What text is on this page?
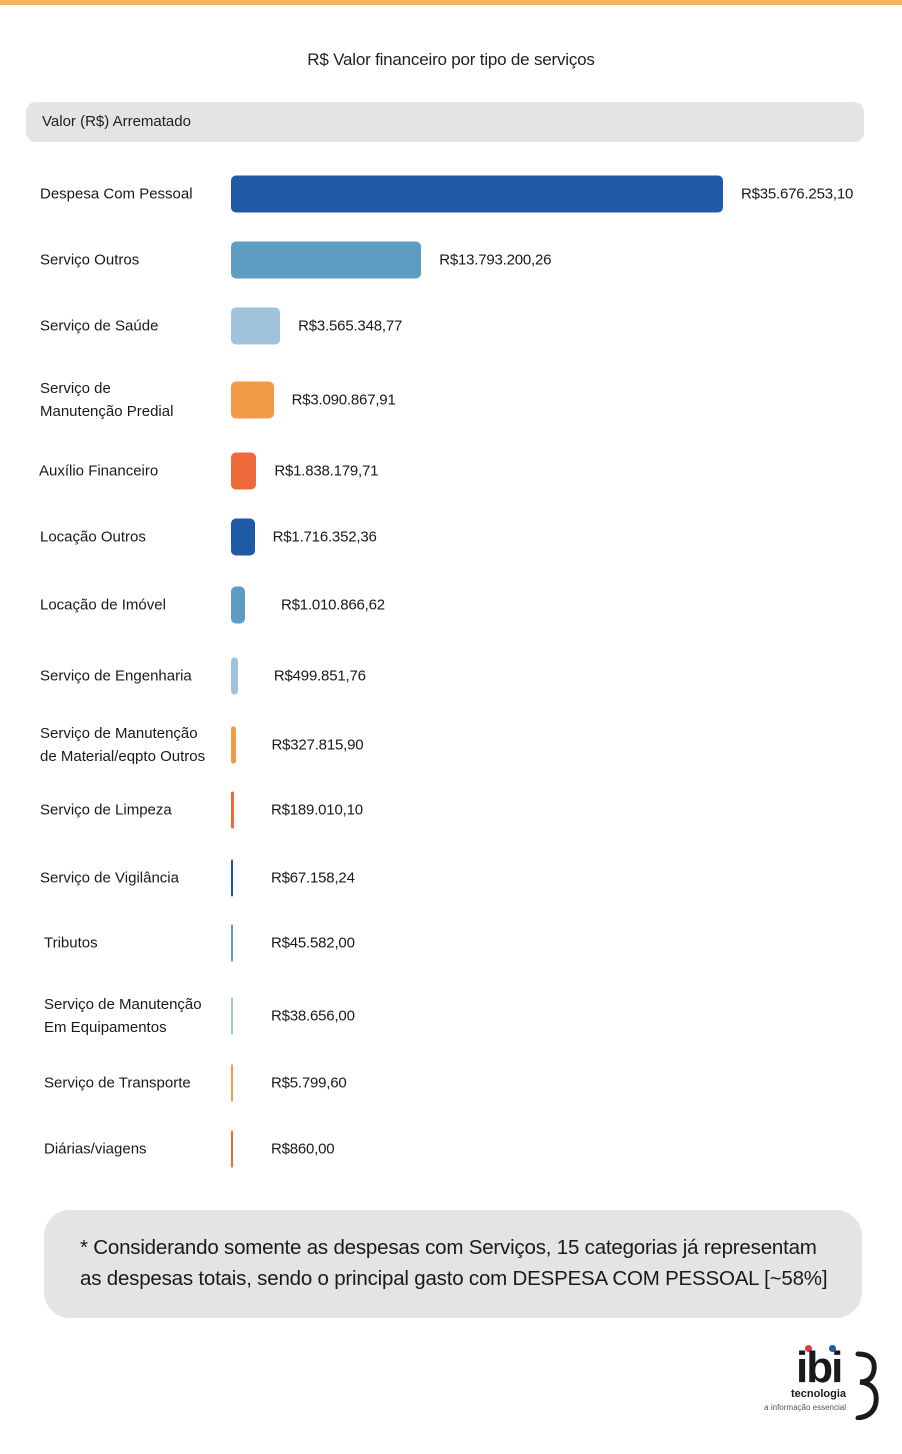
R$ Valor financeiro por tipo de serviços
Valor (R$) Arrematado
Despesa Com Pessoal	R$35.676.253,10
Serviço Outros	R$13.793.200,26
Serviço de Saúde	R$3.565.348,77
Serviço de
Manutenção Predial
R$3.090.867,91
Auxílio Financeiro	R$1.838.179,71
Locação Outros	R$1.716.352,36
Locação de Imóvel	R$1.010.866,62
Serviço de Engenharia	R$499.851,76
Serviço de Manutenção
de Material/eqpto Outros
R$327.815,90
Serviço de Limpeza	R$189.010,10
Serviço de Vigilância	R$67.158,24
Tributos	R$45.582,00
Serviço de Manutenção
Em Equipamentos
R$38.656,00
Serviço de Transporte	R$5.799,60
Diárias/viagens	R$860,00
* Considerando somente as despesas com Serviços, 15 categorias já representam as despesas totais, sendo o principal gasto com DESPESA COM PESSOAL [~58%]
ibi
tecnologia
a informação essencial
